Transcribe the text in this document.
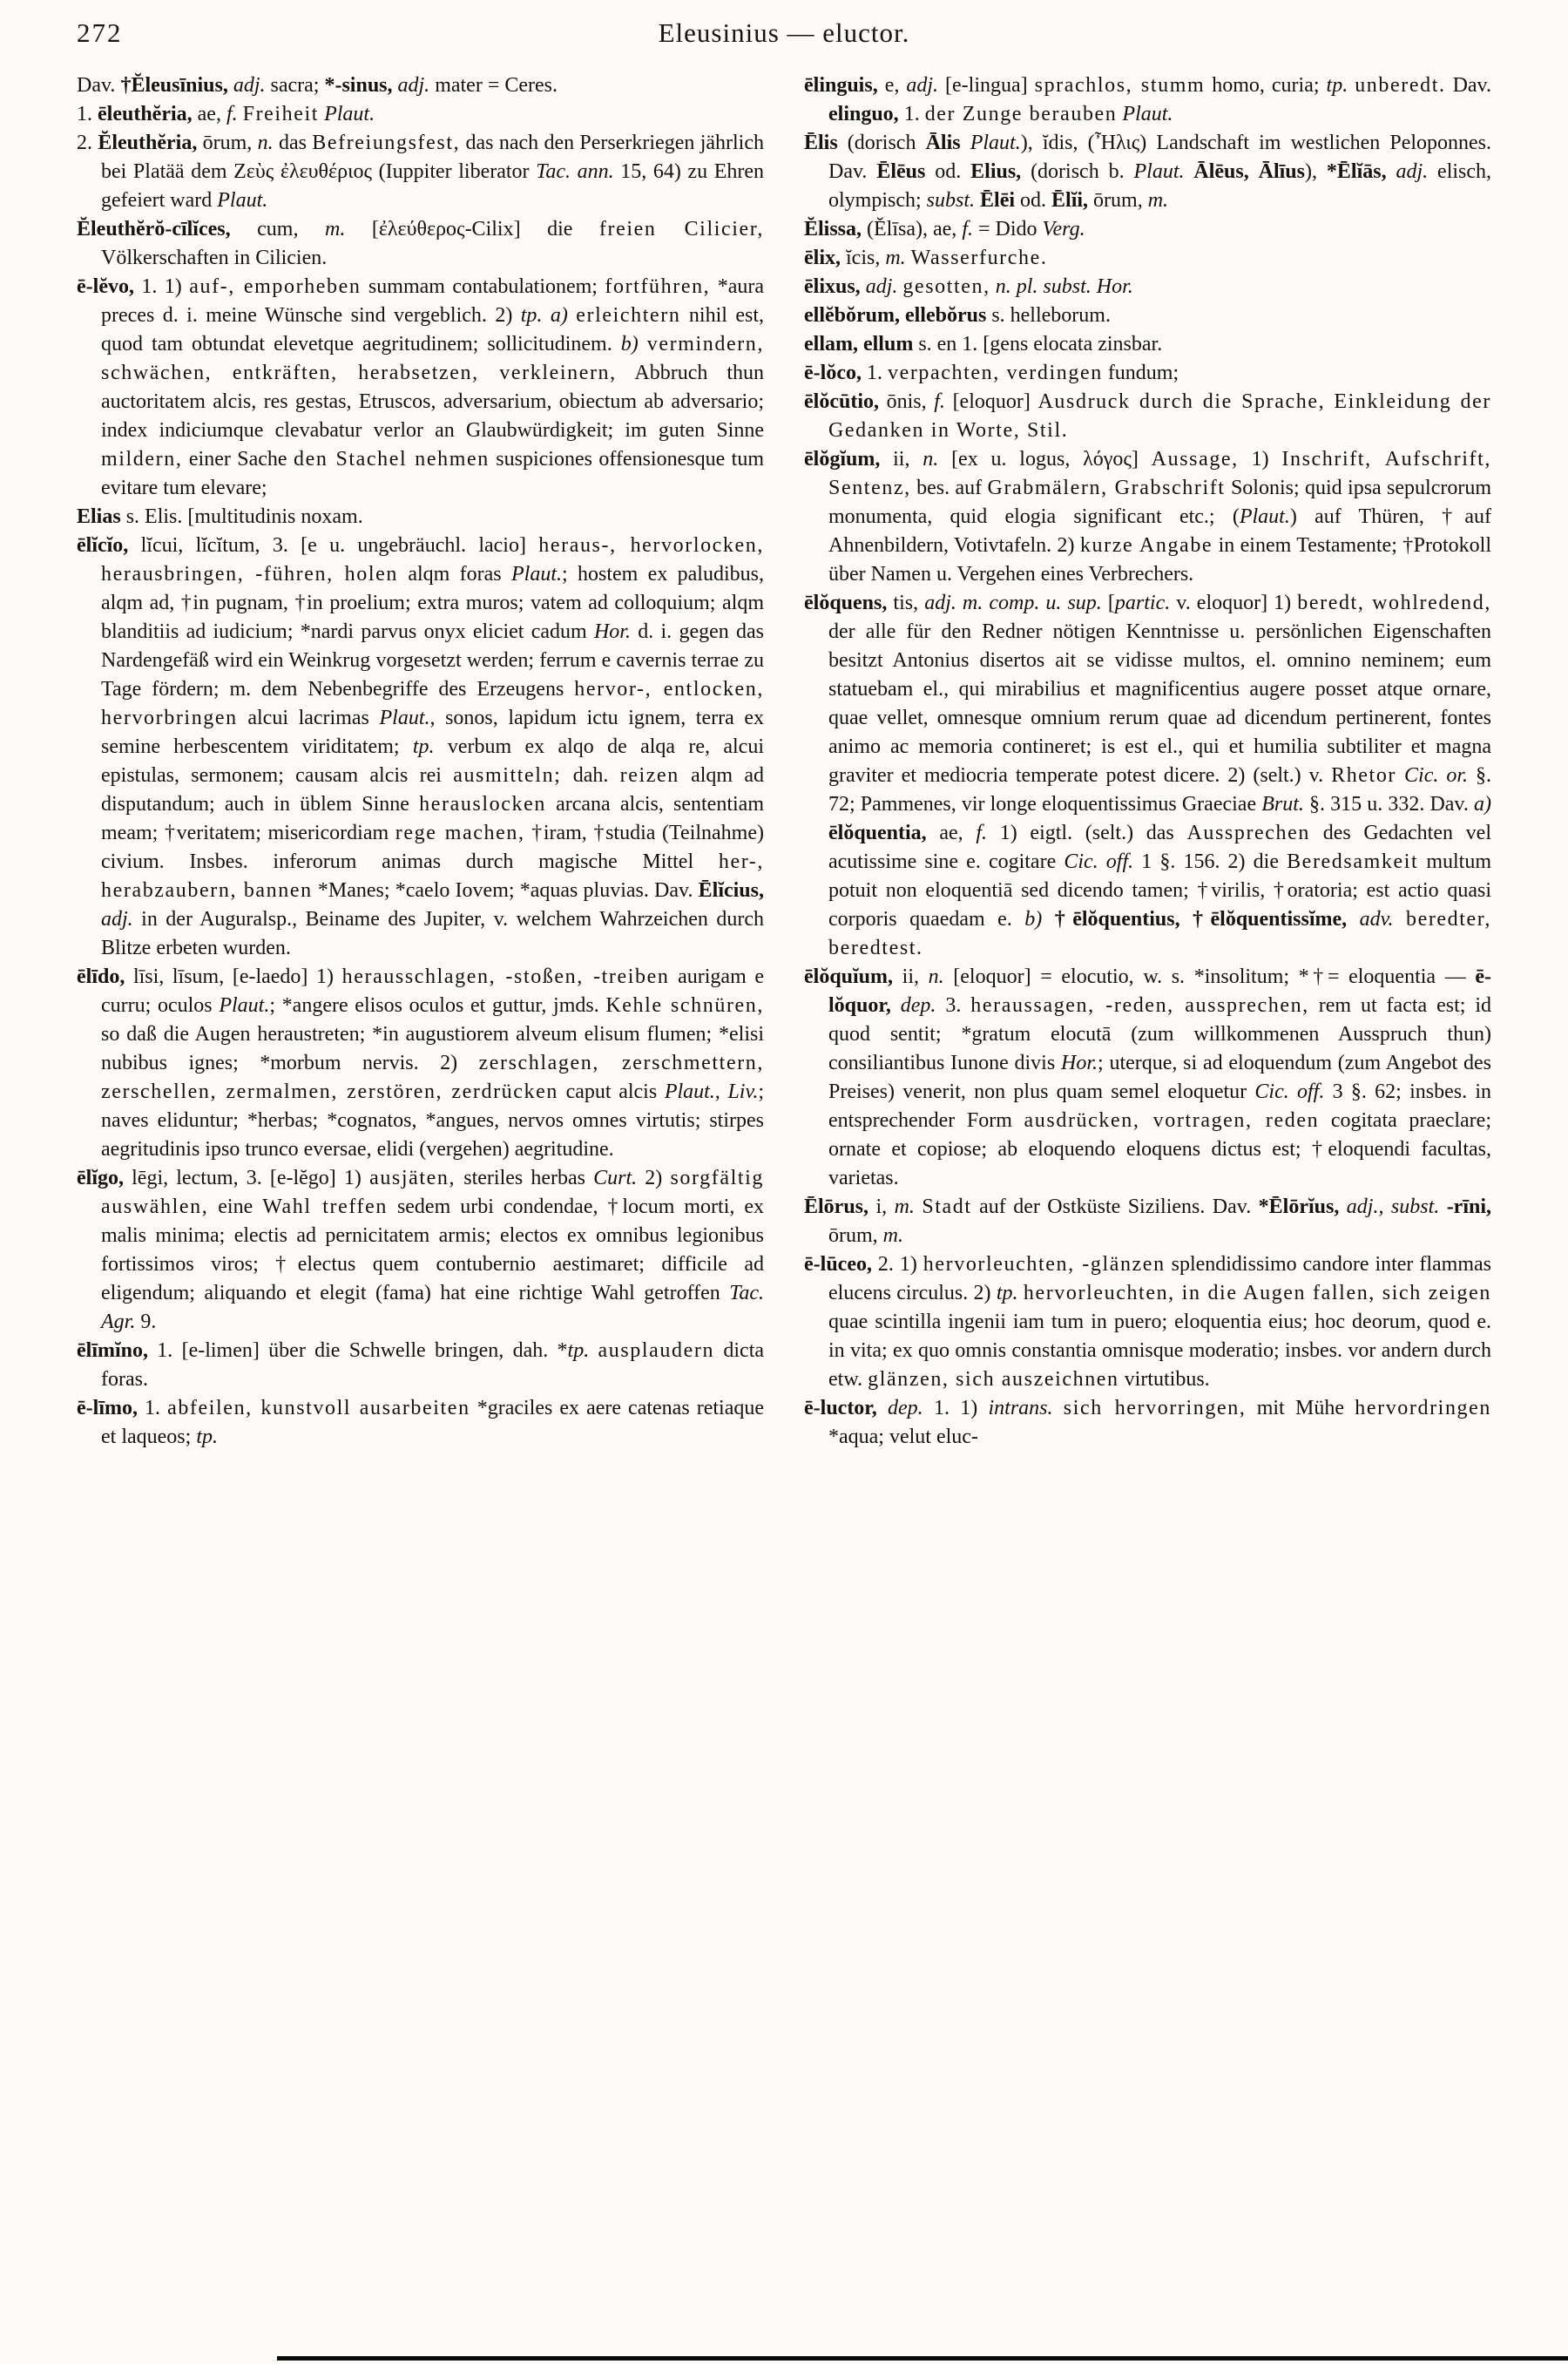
272	Eleusinius — eluctor.

Dav. †Ĕleusīnius, adj. sacra; *-sinus, adj. mater = Ceres.

1. ēleuthĕria, ae, f. Freiheit Plaut.

2. Ĕleuthĕria, ōrum, n. das Befreiungsfest, das nach den Perserkriegen jährlich bei Platää dem Ζεὺς ἐλευθέριος (Iuppiter liberator Tac. ann. 15, 64) zu Ehren gefeiert ward Plaut.

Ĕleuthĕrŏ-cīlĭces, cum, m. [ἐλεύθερος-Cilix] die freien Cilicier, Völkerschaften in Cilicien.

ē-lĕvo, 1. 1) auf-, emporheben summam contabulationem; fortführen, *aura preces d. i. meine Wünsche sind vergeblich. 2) tp. a) erleichtern nihil est, quod tam obtundat elevetque aegritudinem; sollicitudinem. b) vermindern, schwächen, entkräften, herabsetzen, verkleinern, Abbruch thun auctoritatem alcis, res gestas, Etruscos, adversarium, obiectum ab adversario; index indiciumque clevabatur verlor an Glaubwürdigkeit; im guten Sinne mildern, einer Sache den Stachel nehmen suspiciones offensionesque tum evitare tum elevare;

Elias s. Elis. [multitudinis noxam.

ēlĭcĭo, lĭcui, lĭcĭtum, 3. [e u. ungebräuchl. lacio] heraus-, hervorlocken, herausbringen, -führen, holen alqm foras Plaut.; hostem ex paludibus, alqm ad, †in pugnam, †in proelium; extra muros; vatem ad colloquium; alqm blanditiis ad iudicium; *nardi parvus onyx eliciet cadum Hor. d. i. gegen das Nardengefäß wird ein Weinkrug vorgesetzt werden; ferrum e cavernis terrae zu Tage fördern; m. dem Nebenbegriffe des Erzeugens hervor-, entlocken, hervorbringen alcui lacrimas Plaut., sonos, lapidum ictu ignem, terra ex semine herbescentem viriditatem; tp. verbum ex alqo de alqa re, alcui epistulas, sermonem; causam alcis rei ausmitteln; dah. reizen alqm ad disputandum; auch in üblem Sinne herauslocken arcana alcis, sententiam meam; †veritatem; misericordiam rege machen, †iram, †studia (Teilnahme) civium. Insbes. inferorum animas durch magische Mittel her-, herabzaubern, bannen *Manes; *caelo Iovem; *aquas pluvias. Dav. Ēlĭcius, adj. in der Auguralsp., Beiname des Jupiter, v. welchem Wahrzeichen durch Blitze erbeten wurden.

ēlīdo, līsi, līsum, [e-laedo] 1) herausschlagen, -stoßen, -treiben aurigam e curru; oculos Plaut.; *angere elisos oculos et guttur, jmds. Kehle schnüren, so daß die Augen heraustreten; *in augustiorem alveum elisum flumen; *elisi nubibus ignes; *morbum nervis. 2) zerschlagen, zerschmettern, zerschellen, zermalmen, zerstören, zerdrücken caput alcis Plaut., Liv.; naves eliduntur; *herbas; *cognatos, *angues, nervos omnes virtutis; stirpes aegritudinis ipso trunco eversae, elidi (vergehen) aegritudine.

ēlĭgo, lēgi, lectum, 3. [e-lĕgo] 1) ausjäten, steriles herbas Curt. 2) sorgfältig auswählen, eine Wahl treffen sedem urbi condendae, †locum morti, ex malis minima; electis ad pernicitatem armis; electos ex omnibus legionibus fortissimos viros; †electus quem contubernio aestimaret; difficile ad eligendum; aliquando et elegit (fama) hat eine richtige Wahl getroffen Tac. Agr. 9.

ēlīmĭno, 1. [e-limen] über die Schwelle bringen, dah. *tp. ausplaudern dicta foras.

ē-līmo, 1. abfeilen, kunstvoll ausarbeiten *graciles ex aere catenas retiaque et laqueos; tp.

ēlinguis, e, adj. [e-lingua] sprachlos, stumm homo, curia; tp. unberedt. Dav. elinguo, 1. der Zunge berauben Plaut.

Ēlis (dorisch Ālis Plaut.), ĭdis, (Ἦλις) Landschaft im westlichen Peloponnes. Dav. Ēlēus od. Elius, (dorisch b. Plaut. Ālēus, Ālīus), *Ēlĭās, adj. elisch, olympisch; subst. Ēlēi od. Ēlĭi, ōrum, m.

Ĕlissa, (Ĕlīsa), ae, f. = Dido Verg.

ēlix, ĭcis, m. Wasserfurche.

ēlixus, adj. gesotten, n. pl. subst. Hor.

ellĕbŏrum, ellebŏrus s. helleborum.

ellam, ellum s. en 1. [gens elocata zinsbar.

ē-lŏco, 1. verpachten, verdingen fundum;

ēlŏcūtio, ōnis, f. [eloquor] Ausdruck durch die Sprache, Einkleidung der Gedanken in Worte, Stil.

ēlŏgĭum, ii, n. [ex u. logus, λόγος] Aussage, 1) Inschrift, Aufschrift, Sentenz, bes. auf Grabmälern, Grabschrift Solonis; quid ipsa sepulcrorum monumenta, quid elogia significant etc.; (Plaut.) auf Thüren, †auf Ahnenbildern, Votivtafeln. 2) kurze Angabe in einem Testamente; †Protokoll über Namen u. Vergehen eines Verbrechers.

ēlŏquens, tis, adj. m. comp. u. sup. [partic. v. eloquor] 1) beredt, wohlredend, der alle für den Redner nötigen Kenntnisse u. persönlichen Eigenschaften besitzt Antonius disertos ait se vidisse multos, el. omnino neminem; eum statuebam el., qui mirabilius et magnificentius augere posset atque ornare, quae vellet, omnesque omnium rerum quae ad dicendum pertinerent, fontes animo ac memoria contineret; is est el., qui et humilia subtiliter et magna graviter et mediocria temperate potest dicere. 2) (selt.) v. Rhetor Cic. or. §. 72; Pammenes, vir longe eloquentissimus Graeciae Brut. §. 315 u. 332. Dav. a) ēlŏquentia, ae, f. 1) eigtl. (selt.) das Aussprechen des Gedachten vel acutissime sine e. cogitare Cic. off. 1 §. 156. 2) die Beredsamkeit multum potuit non eloquentiā sed dicendo tamen; †virilis, †oratoria; est actio quasi corporis quaedam e. b) †ēlŏquentius, †ēlŏquentissĭme, adv. beredter, beredtest.

ēlŏquĭum, ii, n. [eloquor] = elocutio, w. s. *insolitum; *†= eloquentia — ē-lŏquor, dep. 3. heraussagen, -reden, aussprechen, rem ut facta est; id quod sentit; *gratum elocutā (zum willkommenen Ausspruch thun) consiliantibus Iunone divis Hor.; uterque, si ad eloquendum (zum Angebot des Preises) venerit, non plus quam semel eloquetur Cic. off. 3 §. 62; insbes. in entsprechender Form ausdrücken, vortragen, reden cogitata praeclare; ornate et copiose; ab eloquendo eloquens dictus est; †eloquendi facultas, varietas.

Ēlōrus, i, m. Stadt auf der Ostküste Siziliens. Dav. *Ēlōrĭus, adj., subst. -rīni, ōrum, m.

ē-lūceo, 2. 1) hervorleuchten, -glänzen splendidissimo candore inter flammas elucens circulus. 2) tp. hervorleuchten, in die Augen fallen, sich zeigen quae scintilla ingenii iam tum in puero; eloquentia eius; hoc deorum, quod e. in vita; ex quo omnis constantia omnisque moderatio; insbes. vor andern durch etw. glänzen, sich auszeichnen virtutibus.

ē-luctor, dep. 1. 1) intrans. sich hervorringen, mit Mühe hervordringen *aqua; velut eluc-
